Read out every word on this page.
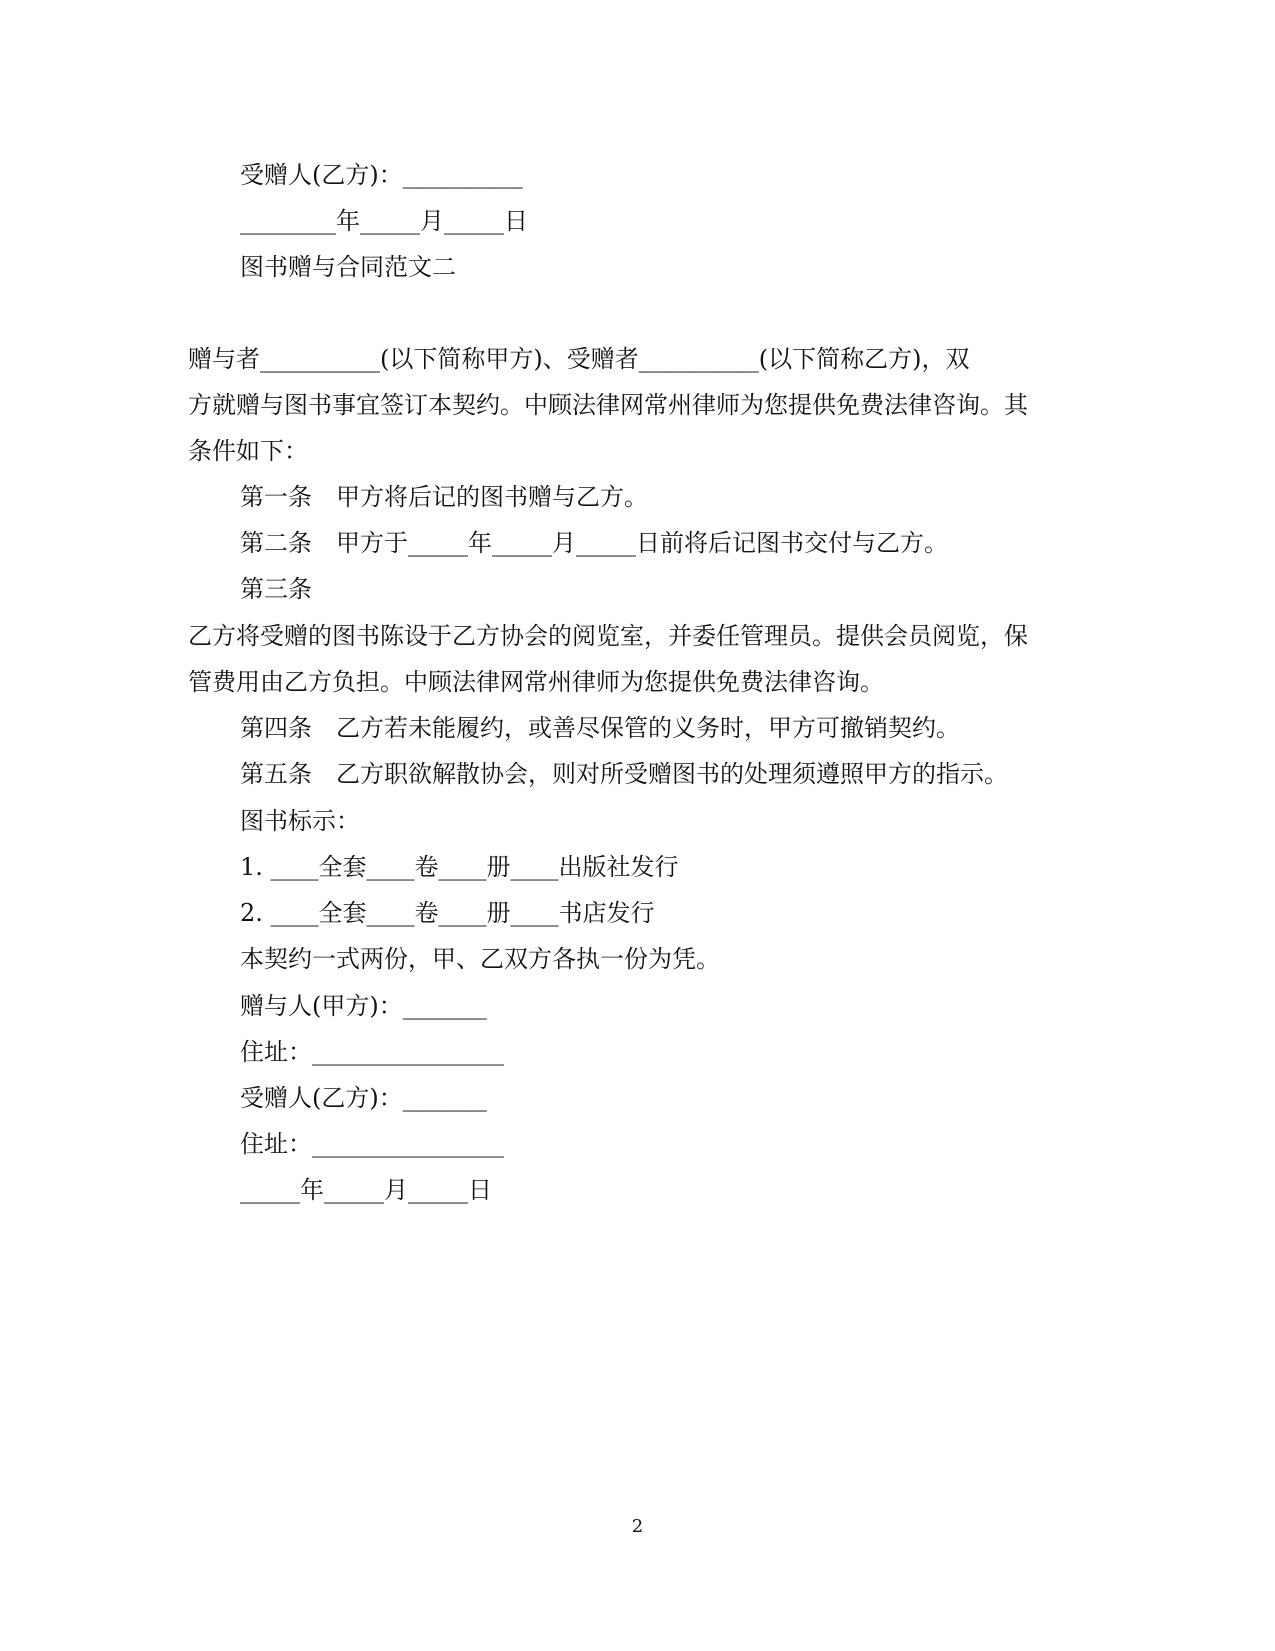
受赠人(乙方)：__________
________年_____月_____日
图书赠与合同范文二
赠与者__________(以下简称甲方)、受赠者__________(以下简称乙方)，双
方就赠与图书事宜签订本契约。中顾法律网常州律师为您提供免费法律咨询。其
条件如下：
第一条　甲方将后记的图书赠与乙方。
第二条　甲方于_____年_____月_____日前将后记图书交付与乙方。
第三条
乙方将受赠的图书陈设于乙方协会的阅览室，并委任管理员。提供会员阅览，保
管费用由乙方负担。中顾法律网常州律师为您提供免费法律咨询。
第四条　乙方若未能履约，或善尽保管的义务时，甲方可撤销契约。
第五条　乙方职欲解散协会，则对所受赠图书的处理须遵照甲方的指示。
图书标示：
1. ____全套____卷____册____出版社发行
2. ____全套____卷____册____书店发行
本契约一式两份，甲、乙双方各执一份为凭。
赠与人(甲方)：_______
住址：________________
受赠人(乙方)：_______
住址：________________
_____年_____月_____日
2
